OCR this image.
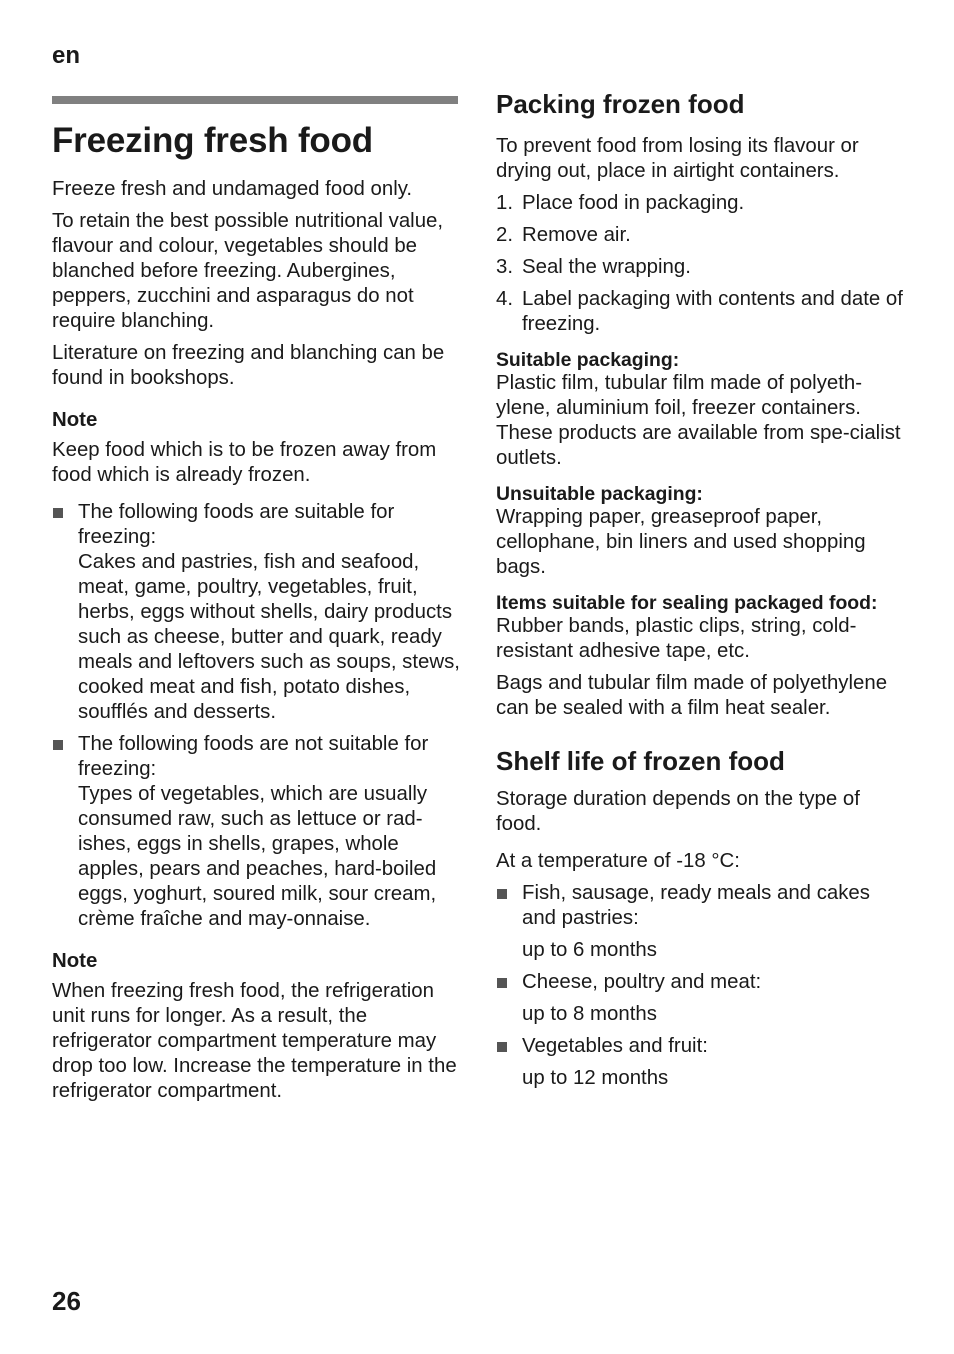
en
Freezing fresh food

Freeze fresh and undamaged food only.

To retain the best possible nutritional value, flavour and colour, vegetables should be blanched before freezing. Aubergines, peppers, zucchini and asparagus do not require blanching.

Literature on freezing and blanching can be found in bookshops.

Note

Keep food which is to be frozen away from food which is already frozen.

The following foods are suitable for freezing:
Cakes and pastries, fish and seafood, meat, game, poultry, vegetables, fruit, herbs, eggs without shells, dairy products such as cheese, butter and quark, ready meals and leftovers such as soups, stews, cooked meat and fish, potato dishes, soufflés and desserts.
The following foods are not suitable for freezing:
Types of vegetables, which are usually consumed raw, such as lettuce or rad-ishes, eggs in shells, grapes, whole apples, pears and peaches, hard-boiled eggs, yoghurt, soured milk, sour cream, crème fraîche and may-onnaise.
Note

When freezing fresh food, the refrigeration unit runs for longer. As a result, the refrigerator compartment temperature may drop too low. Increase the temperature in the refrigerator compartment.

Packing frozen food

To prevent food from losing its flavour or drying out, place in airtight containers.

1. Place food in packaging.
2. Remove air.
3. Seal the wrapping.
4. Label packaging with contents and date of freezing.
Suitable packaging:

Plastic film, tubular film made of polyeth-ylene, aluminium foil, freezer containers. These products are available from spe-cialist outlets.

Unsuitable packaging:

Wrapping paper, greaseproof paper, cellophane, bin liners and used shopping bags.

Items suitable for sealing packaged food:

Rubber bands, plastic clips, string, cold-resistant adhesive tape, etc.

Bags and tubular film made of polyethylene can be sealed with a film heat sealer.

Shelf life of frozen food

Storage duration depends on the type of food.

At a temperature of -18 °C:

Fish, sausage, ready meals and cakes and pastries:

up to 6 months

Cheese, poultry and meat:

up to 8 months

Vegetables and fruit:

up to 12 months

26
